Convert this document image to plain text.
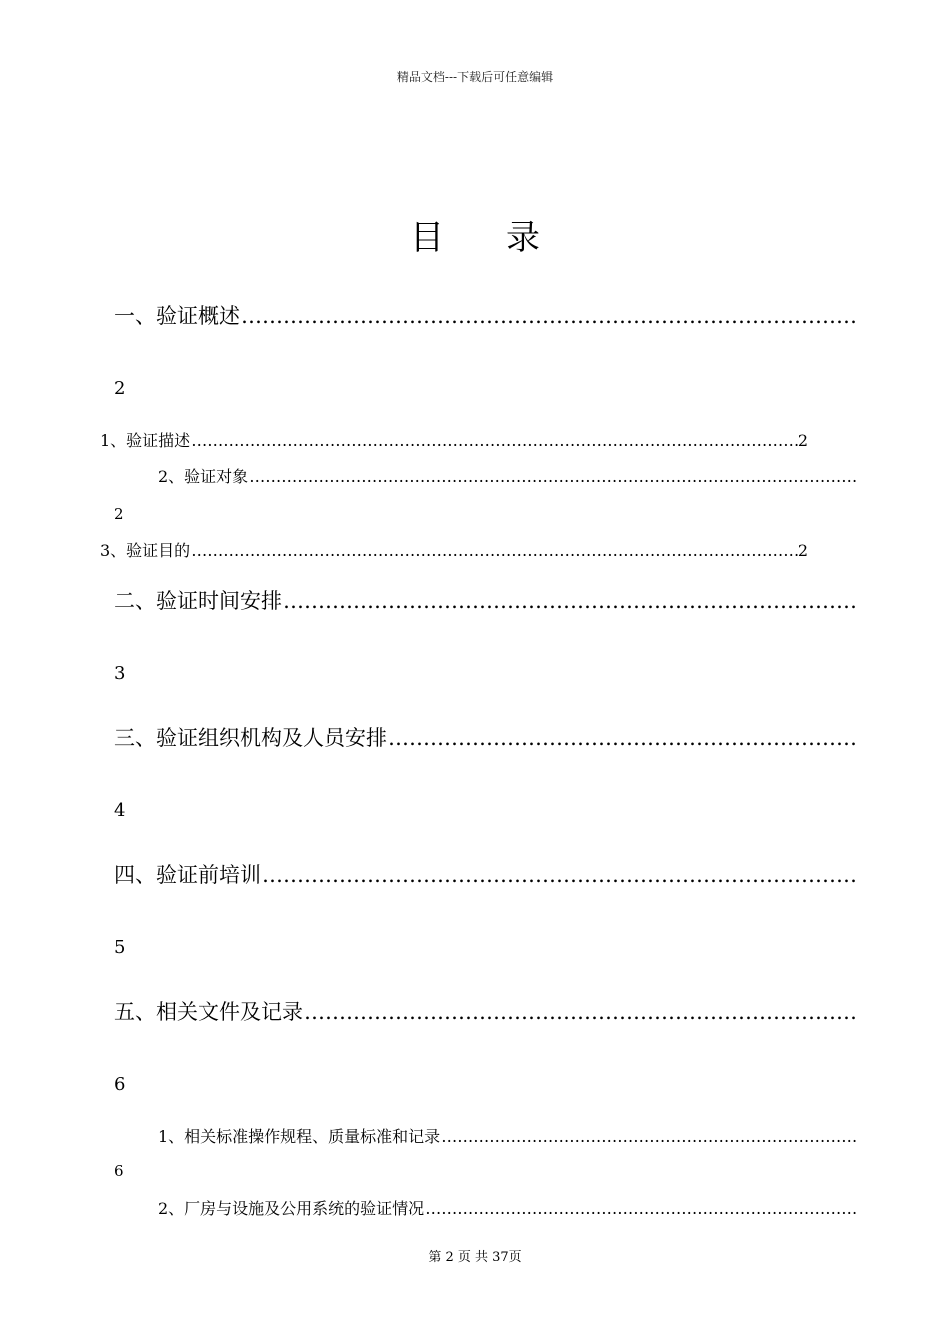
精品文档---下载后可任意编辑
目 录
一、验证概述
…………………………………………………………………………………………………………………………………………………………………………………………………………
2
1、验证描述 …………………………………………………………………………………………………………………………………………………………………………………………………………	2
2、验证对象
…………………………………………………………………………………………………………………………………………………………………………………………………………
2
3、验证目的 …………………………………………………………………………………………………………………………………………………………………………………………………………	2
二、验证时间安排
…………………………………………………………………………………………………………………………………………………………………………………………………………
3
三、验证组织机构及人员安排
…………………………………………………………………………………………………………………………………………………………………………………………………………
4
四、验证前培训
…………………………………………………………………………………………………………………………………………………………………………………………………………
5
五、相关文件及记录
…………………………………………………………………………………………………………………………………………………………………………………………………………
6
1、相关标准操作规程、质量标准和记录
…………………………………………………………………………………………………………………………………………………………………………………………………………
6
2、厂房与设施及公用系统的验证情况
…………………………………………………………………………………………………………………………………………………………………………………………………………
第 2 页 共 37页
